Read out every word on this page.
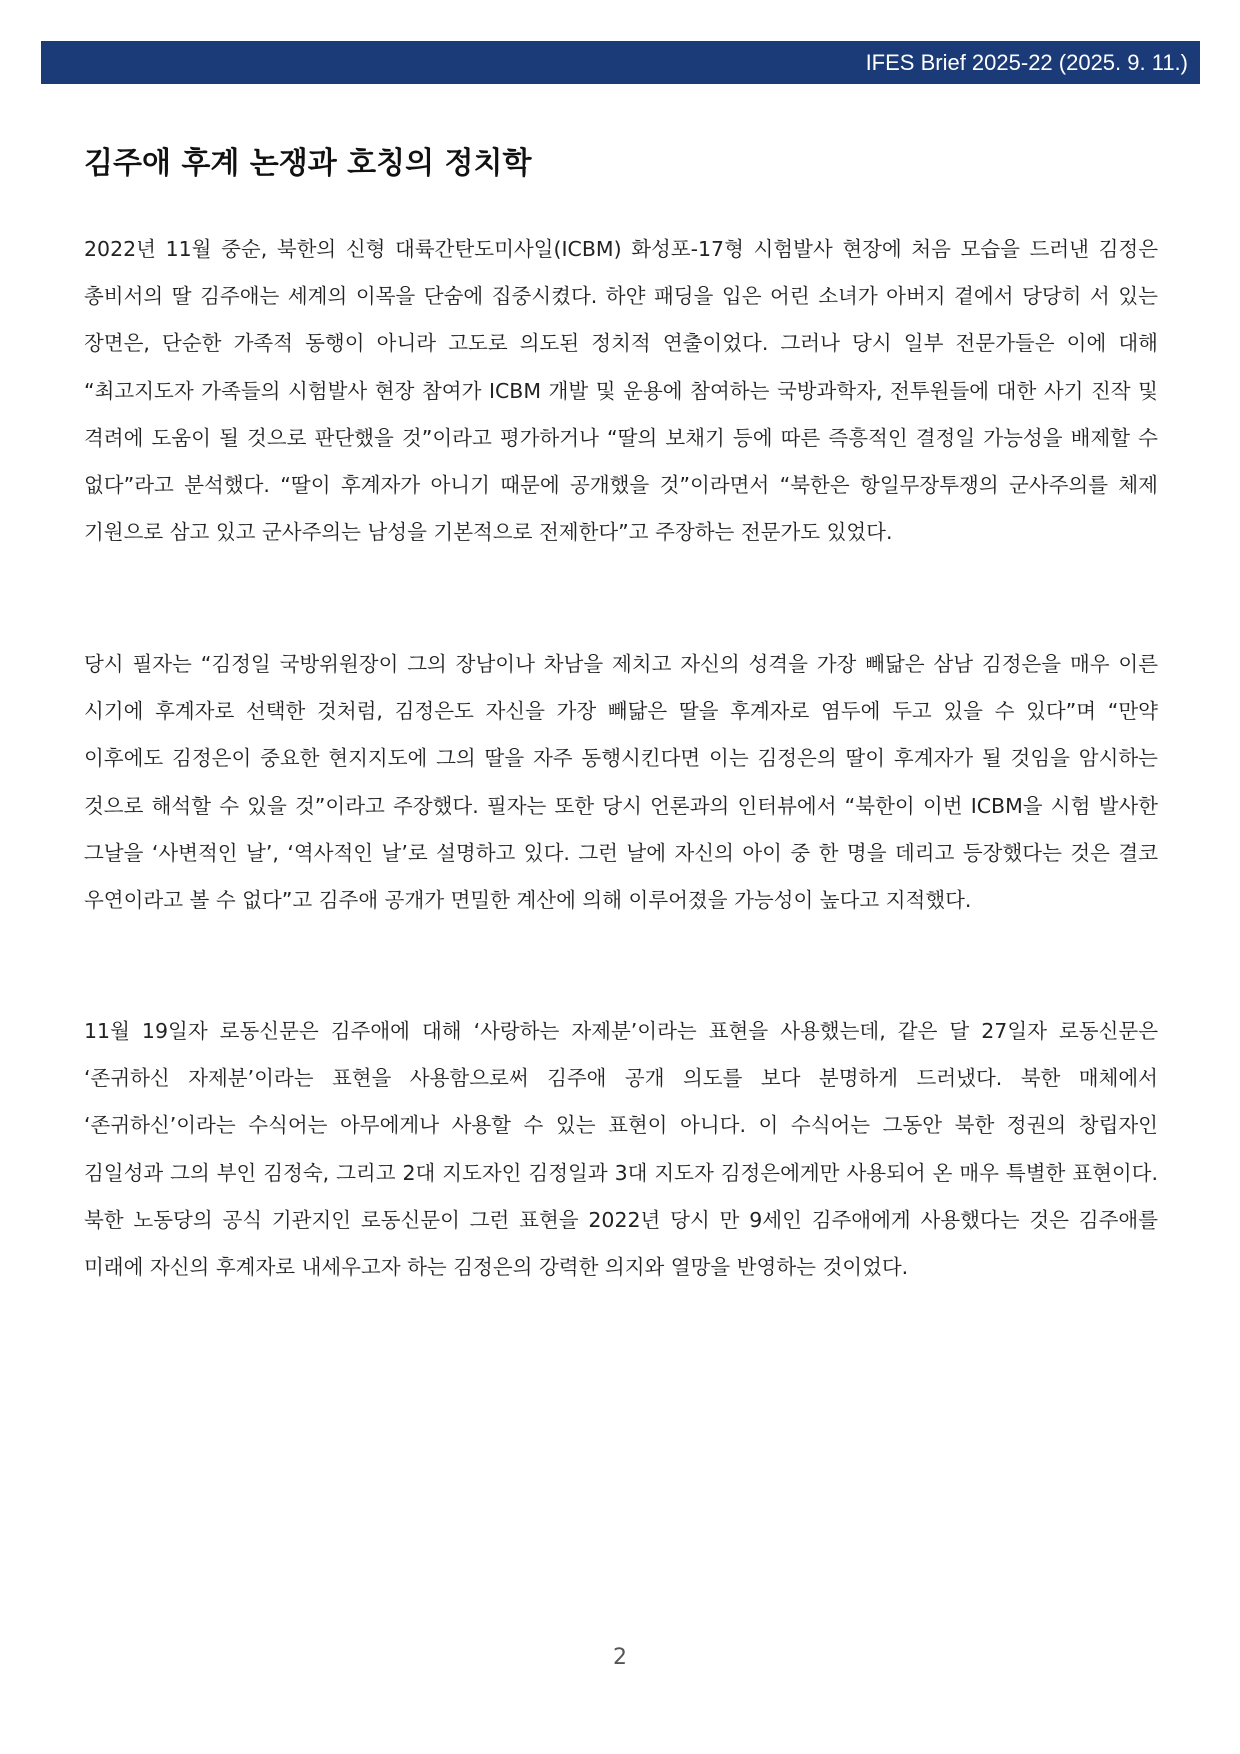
IFES Brief 2025-22 (2025. 9. 11.)
김주애 후계 논쟁과 호칭의 정치학

2022년 11월 중순, 북한의 신형 대륙간탄도미사일(ICBM) 화성포-17형 시험발사 현장에 처음 모습을 드러낸 김정은 총비서의 딸 김주애는 세계의 이목을 단숨에 집중시켰다. 하얀 패딩을 입은 어린 소녀가 아버지 곁에서 당당히 서 있는 장면은, 단순한 가족적 동행이 아니라 고도로 의도된 정치적 연출이었다. 그러나 당시 일부 전문가들은 이에 대해 “최고지도자 가족들의 시험발사 현장 참여가 ICBM 개발 및 운용에 참여하는 국방과학자, 전투원들에 대한 사기 진작 및 격려에 도움이 될 것으로 판단했을 것”이라고 평가하거나 “딸의 보채기 등에 따른 즉흥적인 결정일 가능성을 배제할 수 없다”라고 분석했다. “딸이 후계자가 아니기 때문에 공개했을 것”이라면서 “북한은 항일무장투쟁의 군사주의를 체제 기원으로 삼고 있고 군사주의는 남성을 기본적으로 전제한다”고 주장하는 전문가도 있었다.

당시 필자는 “김정일 국방위원장이 그의 장남이나 차남을 제치고 자신의 성격을 가장 빼닮은 삼남 김정은을 매우 이른 시기에 후계자로 선택한 것처럼, 김정은도 자신을 가장 빼닮은 딸을 후계자로 염두에 두고 있을 수 있다”며 “만약 이후에도 김정은이 중요한 현지지도에 그의 딸을 자주 동행시킨다면 이는 김정은의 딸이 후계자가 될 것임을 암시하는 것으로 해석할 수 있을 것”이라고 주장했다. 필자는 또한 당시 언론과의 인터뷰에서 “북한이 이번 ICBM을 시험 발사한 그날을 ‘사변적인 날’, ‘역사적인 날’로 설명하고 있다. 그런 날에 자신의 아이 중 한 명을 데리고 등장했다는 것은 결코 우연이라고 볼 수 없다”고 김주애 공개가 면밀한 계산에 의해 이루어졌을 가능성이 높다고 지적했다.

11월 19일자 로동신문은 김주애에 대해 ‘사랑하는 자제분’이라는 표현을 사용했는데, 같은 달 27일자 로동신문은 ‘존귀하신 자제분’이라는 표현을 사용함으로써 김주애 공개 의도를 보다 분명하게 드러냈다. 북한 매체에서 ‘존귀하신’이라는 수식어는 아무에게나 사용할 수 있는 표현이 아니다. 이 수식어는 그동안 북한 정권의 창립자인 김일성과 그의 부인 김정숙, 그리고 2대 지도자인 김정일과 3대 지도자 김정은에게만 사용되어 온 매우 특별한 표현이다. 북한 노동당의 공식 기관지인 로동신문이 그런 표현을 2022년 당시 만 9세인 김주애에게 사용했다는 것은 김주애를 미래에 자신의 후계자로 내세우고자 하는 김정은의 강력한 의지와 열망을 반영하는 것이었다.

2
